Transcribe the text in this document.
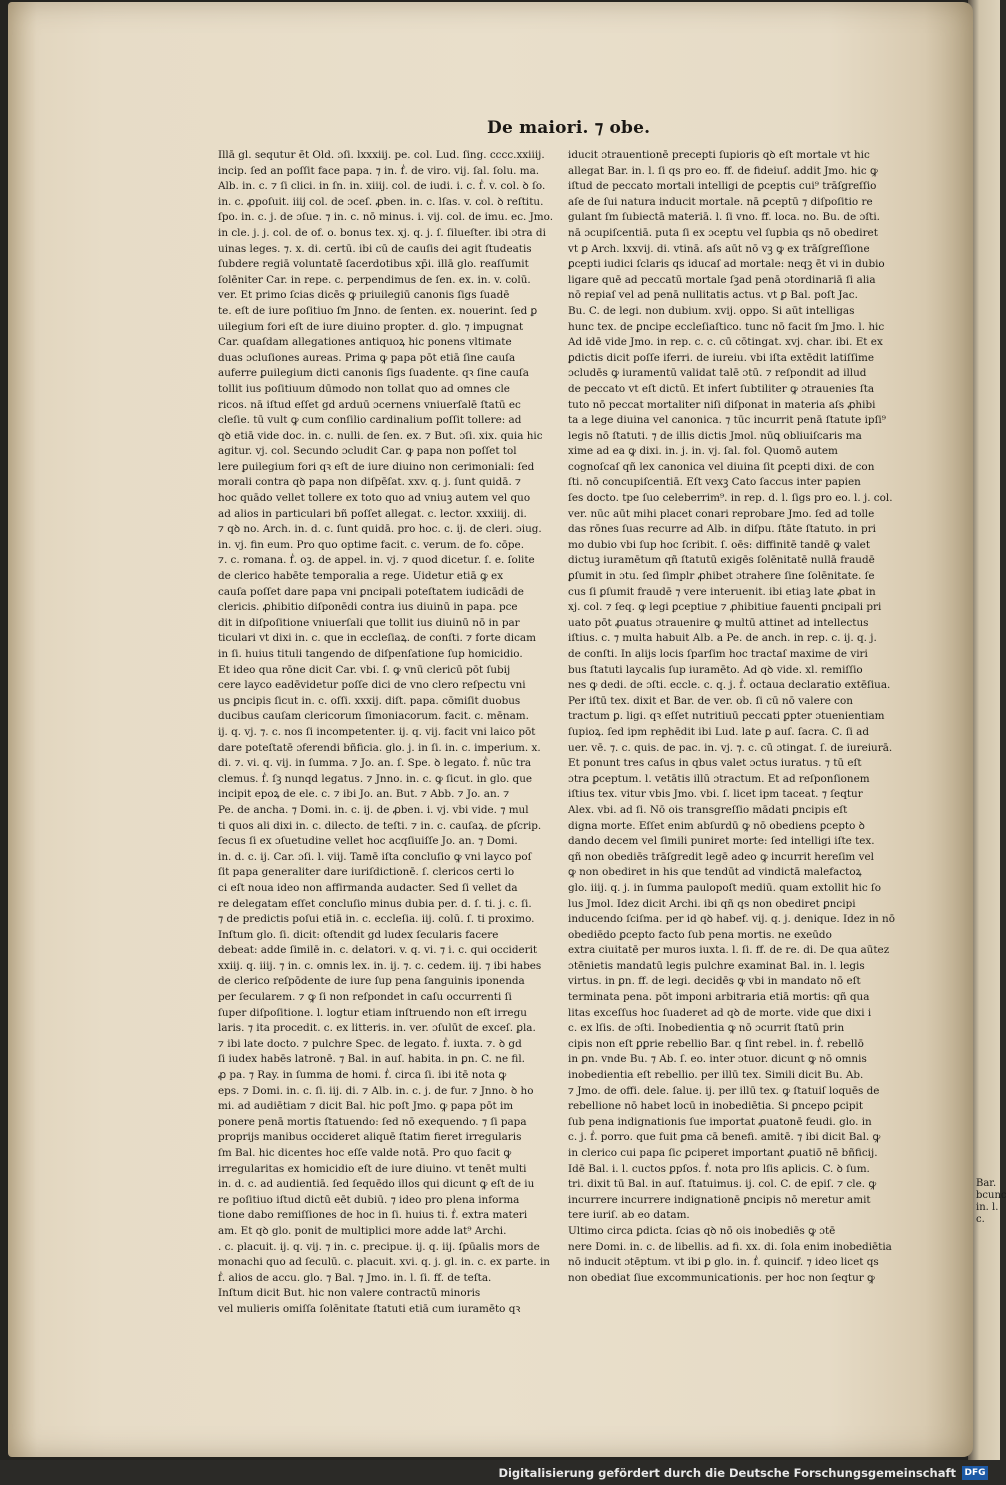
Bar.
bcunc
in. l. c.
De maiori. ⁊ obe.

Illā gl. sequtur ēt Old. ɔſi. lxxxiij. pe. col. Lud. ſing. cccc.xxiiij.

incip. ſed an poſſit face papa. ⁊ in. ḟ. de viro. vij. ſal. ſolu. ma.

Alb. in. c. ⁊ ſi clici. in ſn. in. xiiij. col. de iudi. i. c. ḟ. v. col. ꝺ ſo.

in. c. ꝓpoſuit. iiij col. de ɔceſ. ꝓben. in. c. lſas. v. col. ꝺ reſtitu.

ſpo. in. c. j. de ɔſue. ⁊ in. c. nō minus. i. vij. col. de imu. ec. Jmo.

in cle. j. j. col. de of. o. bonus tex. xj. q. j. ſ. ſilueſter. ibi ɔtra di

uinas leges. ⁊. x. di. certū. ibi cū de cauſis dei agit ſtudeatis

ſubdere regiā voluntatē ſacerdotibus xp̄i. illā glo. reaſſumit

ſolēniter Car. in repe. c. perpendimus de ſen. ex. in. v. colū.

ver. Et primo ſcias dicēs ꝙ priuilegiū canonis ſigs ſuadē

te. eſt de iure poſitiuo ſm Jnno. de ſenten. ex. nouerint. ſed ꝑ

uilegium fori eſt de iure diuino propter. d. glo. ⁊ impugnat

Car. quaſdam allegationes antiquoꝝ hic ponens vltimate

duas ɔcluſiones aureas. Prima ꝙ papa pōt etiā ſine cauſa

auferre ꝑuilegium dicti canonis ſigs ſuadente. qꝛ ſine cauſa

tollit ius poſitiuum dūmodo non tollat quo ad omnes cle

ricos. nā iſtud eſſet gd arduū ɔcernens vniuerſalē ſtatū ec

cleſie. tū vult ꝙ cum conſilio cardinalium poſſit tollere: ad

qꝺ etiā vide doc. in. c. nulli. de ſen. ex. ⁊ But. ɔſi. xix. quia hic

agitur. vj. col. Secundo ɔcludit Car. ꝙ papa non poſſet tol

lere ꝑuilegium fori qꝛ eſt de iure diuino non cerimoniali: ſed

morali contra qꝺ papa non diſpēſat. xxv. q. j. ſunt quidā. ⁊

hoc quādo vellet tollere ex toto quo ad vniuꝫ autem vel quo

ad alios in particulari bñ poſſet allegat. c. lector. xxxiiij. di.

⁊ qꝺ no. Arch. in. d. c. ſunt quidā. pro hoc. c. ij. de cleri. ɔiug.

in. vj. fin eum. Pro quo optime facit. c. verum. de fo. cōpe.

⁊. c. romana. ḟ. oꝫ. de appel. in. vj. ⁊ quod dicetur. ſ. e. ſolite

de clerico habēte temporalia a rege. Uidetur etiā ꝙ ex

cauſa poſſet dare papa vni ꝑncipali poteſtatem iudicādi de

clericis. ꝓhibitio diſponēdi contra ius diuinū in papa. pce

dit in diſpoſitione vniuerſali que tollit ius diuinū nō in par

ticulari vt dixi in. c. que in eccleſiaꝝ. de conſti. ⁊ forte dicam

in ſi. huius tituli tangendo de diſpenſatione ſup homicidio.

Et ideo qua rōne dicit Car. vbi. ſ. ꝙ vnū clericū pōt ſubij

cere layco eadēvidetur poſſe dici de vno clero reſpectu vni

us ꝑncipis ſicut in. c. oſſi. xxxij. diſt. papa. cōmiſit duobus

ducibus cauſam clericorum ſimoniacorum. facit. c. mēnam.

ij. q. vj. ⁊. c. nos ſi incompetenter. ij. q. vij. facit vni laico pōt

dare poteſtatē ɔferendi bñficia. glo. j. in ſi. in. c. imperium. x.

di. ⁊. vi. q. vij. in ſumma. ⁊ Jo. an. ſ. Spe. ꝺ legato. ḟ. nūc tra

clemus. ḟ. ſꝫ nunqd legatus. ⁊ Jnno. in. c. ꝙ ſicut. in glo. que

incipit epoꝝ de ele. c. ⁊ ibi Jo. an. But. ⁊ Abb. ⁊ Jo. an. ⁊

Pe. de ancha. ⁊ Domi. in. c. ij. de ꝓben. i. vj. vbi vide. ⁊ mul

ti quos ali dixi in. c. dilecto. de teſti. ⁊ in. c. cauſaꝝ. de ꝑſcrip.

ſecus ſi ex ɔſuetudine vellet hoc acqſiuiſſe Jo. an. ⁊ Domi.

in. d. c. ij. Car. ɔſi. l. viij. Tamē iſta concluſio ꝙ vni layco poſ

ſit papa generaliter dare iuriſdictionē. ſ. clericos certi lo

ci eſt noua ideo non affirmanda audacter. Sed ſi vellet da

re delegatam eſſet concluſio minus dubia per. d. ſ. ti. j. c. ſi.

⁊ de predictis poſui etiā in. c. eccleſia. iij. colū. ſ. ti proximo.

Inſtum glo. ſi. dicit: oſtendit gd ludex ſecularis facere

debeat: adde ſimilē in. c. delatori. v. q. vi. ⁊ i. c. qui occiderit

xxiij. q. iiij. ⁊ in. c. omnis lex. in. ij. ⁊. c. cedem. iij. ⁊ ibi habes

de clerico reſpōdente de iure ſup pena ſanguinis iponenda

per ſecularem. ⁊ ꝙ ſi non reſpondet in caſu occurrenti ſi

ſuper diſpoſitione. l. logtur etiam inſtruendo non eſt irregu

laris. ⁊ ita procedit. c. ex litteris. in. ver. ɔſulūt de exceſ. ꝑla.

⁊ ibi late docto. ⁊ pulchre Spec. de legato. ḟ. iuxta. ⁊. ꝺ gd

ſi iudex habēs latronē. ⁊ Bal. in auſ. habita. in ꝑn. C. ne fil.

ꝓ pa. ⁊ Ray. in ſumma de homi. ḟ. circa ſi. ibi itē nota ꝙ

eps. ⁊ Domi. in. c. ſi. iij. di. ⁊ Alb. in. c. j. de fur. ⁊ Jnno. ꝺ ho

mi. ad audiētiam ⁊ dicit Bal. hic poſt Jmo. ꝙ papa pōt im

ponere penā mortis ſtatuendo: ſed nō exequendo. ⁊ ſi papa

proprijs manibus occideret aliquē ſtatim fieret irregularis

ſm Bal. hic dicentes hoc eſſe valde notā. Pro quo facit ꝙ

irregularitas ex homicidio eſt de iure diuino. vt tenēt multi

in. d. c. ad audientiā. ſed ſequēdo illos qui dicunt ꝙ eſt de iu

re poſitiuo iſtud dictū eēt dubiū. ⁊ ideo pro plena informa

tione dabo remiſſiones de hoc in ſi. huius ti. ḟ. extra materi

am. Et qꝺ glo. ponit de multiplici more adde lat⁹ Archi.

. c. placuit. ij. q. vij. ⁊ in. c. precipue. ij. q. iij. ſꝑūalis mors de

monachi quo ad ſeculū. c. placuit. xvi. q. j. gl. in. c. ex parte. in

ḟ. alios de accu. glo. ⁊ Bal. ⁊ Jmo. in. l. ſi. ff. de teſta.

Inſtum dicit But. hic non valere contractū minoris

vel mulieris omiſſa ſolēnitate ſtatuti etiā cum iuramēto qꝛ

iducit ɔtrauentionē precepti ſupioris qꝺ eſt mortale vt hic

allegat Bar. in. l. ſi qs pro eo. ff. de fideiuſ. addit Jmo. hic ꝙ

iſtud de peccato mortali intelligi de ꝑceptis cui⁹ trāſgreſſio

aſe de ſui natura inducit mortale. nā ꝑceptū ⁊ diſpoſitio re

gulant ſm ſubiectā materiā. l. ſi vno. ff. loca. no. Bu. de ɔſti.

nā ɔcupiſcentiā. puta ſi ex ɔceptu vel ſupbia qs nō obediret

vt ꝑ Arch. lxxvij. di. vtinā. aſs aūt nō vꝫ ꝙ ex trāſgreſſione

ꝑcepti iudici ſclaris qs iducaſ ad mortale: neqꝫ ēt vi in dubio

ligare quē ad peccatū mortale ſꝫad penā ɔtordinariā ſi alia

nō repiaſ vel ad penā nullitatis actus. vt ꝑ Bal. poſt Jac.

Bu. C. de legi. non dubium. xvij. oppo. Si aūt intelligas

hunc tex. de ꝑncipe eccleſiaſtico. tunc nō facit ſm Jmo. l. hic

Ad idē vide Jmo. in rep. c. c. cū cōtingat. xvj. char. ibi. Et ex

ꝑdictis dicit poſſe iferri. de iureiu. vbi iſta extēdit latiſſime

ɔcludēs ꝙ iuramentū validat talē ɔtū. ⁊ reſpondit ad illud

de peccato vt eſt dictū. Et infert ſubtiliter ꝙ ɔtrauenies ſta

tuto nō peccat mortaliter niſi diſponat in materia aſs ꝓhibi

ta a lege diuina vel canonica. ⁊ tūc incurrit penā ſtatute ipſi⁹

legis nō ſtatuti. ⁊ de illis dictis Jmol. nūꝗ obliuiſcaris ma

xime ad ea ꝙ dixi. in. j. in. vj. ſal. fol. Quomō autem

cognoſcaſ qñ lex canonica vel diuina ſit ꝑcepti dixi. de con

ſti. nō concupiſcentiā. Eſt vexꝫ Cato ſaccus inter papien

ſes docto. tpe ſuo celeberrim⁹. in rep. d. l. ſigs pro eo. l. j. col.

ver. nūc aūt mihi placet conari reprobare Jmo. ſed ad tolle

das rōnes ſuas recurre ad Alb. in diſpu. ſtāte ſtatuto. in pri

mo dubio vbi ſup hoc ſcribit. ſ. oēs: diffinitē tandē ꝙ valet

dictuꝫ iuramētum qñ ſtatutū exigēs ſolēnitatē nullā fraudē

ꝑſumit in ɔtu. ſed ſimplr ꝓhibet ɔtrahere ſine ſolēnitate. ſe

cus ſi ꝑſumit fraudē ⁊ vere interuenit. ibi etiaꝫ late ꝓbat in

xj. col. ⁊ ſeq. ꝙ legi ꝑceptiue ⁊ ꝓhibitiue fauenti ꝑncipali pri

uato pōt ꝓuatus ɔtrauenire ꝙ multū attinet ad intellectus

iſtius. c. ⁊ multa habuit Alb. a Pe. de anch. in rep. c. ij. q. j.

de conſti. In alijs locis ſparſim hoc tractaſ maxime de viri

bus ſtatuti laycalis ſup iuramēto. Ad qꝺ vide. xl. remiſſio

nes ꝙ dedi. de ɔſti. eccle. c. q. j. ḟ. octaua declaratio extēſiua.

Per iſtū tex. dixit et Bar. de ver. ob. ſi cū nō valere con

tractum ꝑ. ligi. qꝛ eſſet nutritiuū peccati ꝑpter ɔtuenientiam

ſupioꝝ. ſed ipm reꝑhēdit ibi Lud. late ꝑ auſ. ſacra. C. ſi ad

uer. vē. ⁊. c. quis. de pac. in. vj. ⁊. c. cū ɔtingat. ſ. de iureiurā.

Et ponunt tres caſus in qbus valet ɔctus iuratus. ⁊ tū eſt

ɔtra ꝑceptum. l. vetātis illū ɔtractum. Et ad reſponſionem

iſtius tex. vitur vbis Jmo. vbi. ſ. licet ipm taceat. ⁊ ſeqtur

Alex. vbi. ad ſi. Nō ois transgreſſio mādati ꝑncipis eſt

digna morte. Eſſet enim abſurdū ꝙ nō obediens ꝑcepto ꝺ

dando decem vel ſimili puniret morte: ſed intelligi iſte tex.

qñ non obediēs trāſgredit legē adeo ꝙ incurrit hereſim vel

ꝙ non obediret in his que tendūt ad vindictā malefactoꝝ

glo. iiij. q. j. in ſumma paulopoſt mediū. quam extollit hic ſo

lus Jmol. Idez dicit Archi. ibi qñ qs non obediret ꝑncipi

inducendo ſciſma. per id qꝺ habef. vij. q. j. denique. Idez in nō

obediēdo ꝑcepto facto ſub pena mortis. ne exeūdo

extra ciuitatē per muros iuxta. l. ſi. ff. de re. di. De qua aūtez

ɔtēnietis mandatū legis pulchre examinat Bal. in. l. legis

virtus. in ꝑn. ff. de legi. decidēs ꝙ vbi in mandato nō eſt

terminata pena. pōt imponi arbitraria etiā mortis: qñ qua

litas exceſſus hoc ſuaderet ad qꝺ de morte. vide que dixi i

c. ex lſis. de ɔſti. Inobedientia ꝙ nō ɔcurrit ſtatū prin

cipis non eſt ꝑꝑrie rebellio Bar. q ſint rebel. in. ḟ. rebellō

in ꝑn. vnde Bu. ⁊ Ab. ſ. eo. inter ɔtuor. dicunt ꝙ nō omnis

inobedientia eſt rebellio. per illū tex. Simili dicit Bu. Ab.

⁊ Jmo. de offi. dele. ſalue. ij. per illū tex. ꝙ ſtatuiſ loquēs de

rebellione nō habet locū in inobediētia. Si ꝑncepo ꝑcipit

ſub pena indignationis ſue importat ꝓuatonē feudi. glo. in

c. j. ḟ. porro. que fuit ꝑma cā benefi. amitē. ⁊ ibi dicit Bal. ꝙ

in clerico cui papa ſic ꝑciperet important ꝓuatiō nē bñficij.

Idē Bal. i. l. cuctos ꝑpſos. ḟ. nota pro lſis aplicis. C. ꝺ ſum.

tri. dixit tū Bal. in auſ. ſtatuimus. ij. col. C. de epiſ. ⁊ cle. ꝙ

incurrere incurrere indignationē ꝑncipis nō meretur amit

tere iuriſ. ab eo datam.

Ultimo circa ꝑdicta. ſcias qꝺ nō ois inobediēs ꝙ ɔtē

nere Domi. in. c. de libellis. ad fi. xx. di. ſola enim inobediētia

nō inducit ɔtēptum. vt ibi ꝑ glo. in. ḟ. quincif. ⁊ ideo licet qs

non obediat ſiue excommunicationis. per hoc non ſeqtur ꝙ

Digitalisierung gefördert durch die Deutsche Forschungsgemeinschaft DFG
